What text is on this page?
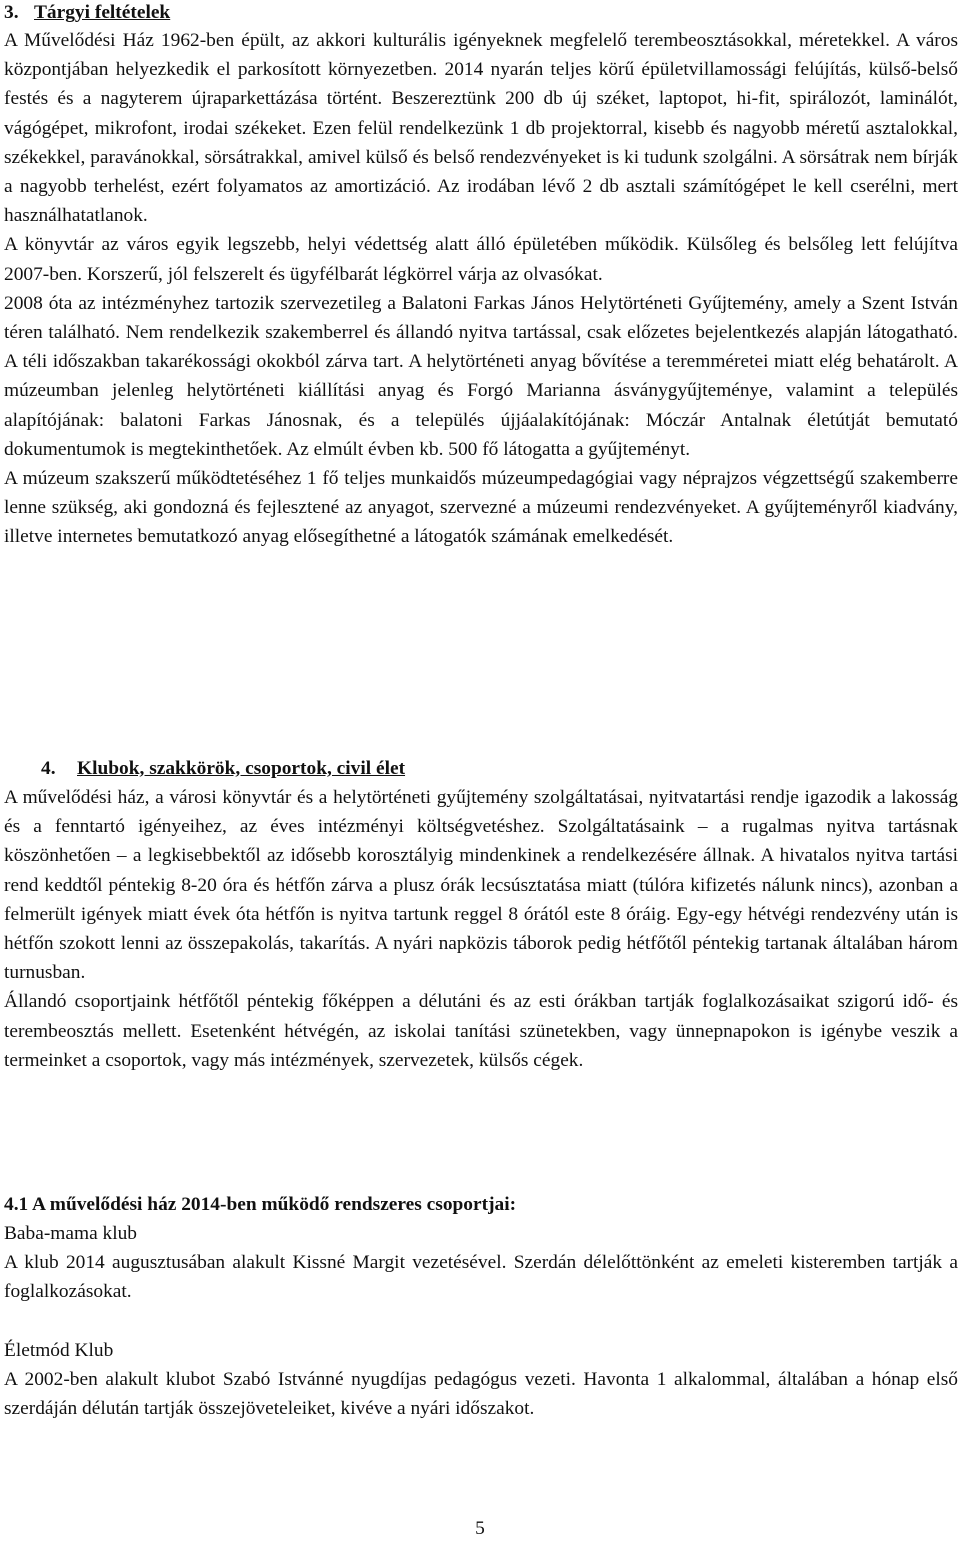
3. Tárgyi feltételek

A Művelődési Ház 1962-ben épült, az akkori kulturális igényeknek megfelelő terembeosztásokkal, méretekkel. A város központjában helyezkedik el parkosított környezetben. 2014 nyarán teljes körű épületvillamossági felújítás, külső-belső festés és a nagyterem újraparkettázása történt. Beszereztünk 200 db új széket, laptopot, hi-fit, spirálozót, laminálót, vágógépet, mikrofont, irodai székeket. Ezen felül rendelkezünk 1 db projektorral, kisebb és nagyobb méretű asztalokkal, székekkel, paravánokkal, sörsátrakkal, amivel külső és belső rendezvényeket is ki tudunk szolgálni. A sörsátrak nem bírják a nagyobb terhelést, ezért folyamatos az amortizáció. Az irodában lévő 2 db asztali számítógépet le kell cserélni, mert használhatatlanok.

A könyvtár az város egyik legszebb, helyi védettség alatt álló épületében működik. Külsőleg és belsőleg lett felújítva 2007-ben. Korszerű, jól felszerelt és ügyfélbarát légkörrel várja az olvasókat.

2008 óta az intézményhez tartozik szervezetileg a Balatoni Farkas János Helytörténeti Gyűjtemény, amely a Szent István téren található. Nem rendelkezik szakemberrel és állandó nyitva tartással, csak előzetes bejelentkezés alapján látogatható. A téli időszakban takarékossági okokból zárva tart. A helytörténeti anyag bővítése a teremméretei miatt elég behatárolt. A múzeumban jelenleg helytörténeti kiállítási anyag és Forgó Marianna ásványgyűjteménye, valamint a település alapítójának: balatoni Farkas Jánosnak, és a település újjáalakítójának: Móczár Antalnak életútját bemutató dokumentumok is megtekinthetőek. Az elmúlt évben kb. 500 fő látogatta a gyűjteményt.

A múzeum szakszerű működtetéséhez 1 fő teljes munkaidős múzeumpedagógiai vagy néprajzos végzettségű szakemberre lenne szükség, aki gondozná és fejlesztené az anyagot, szervezné a múzeumi rendezvényeket. A gyűjteményről kiadvány, illetve internetes bemutatkozó anyag elősegíthetné a látogatók számának emelkedését.

4. Klubok, szakkörök, csoportok, civil élet

A művelődési ház, a városi könyvtár és a helytörténeti gyűjtemény szolgáltatásai, nyitvatartási rendje igazodik a lakosság és a fenntartó igényeihez, az éves intézményi költségvetéshez. Szolgáltatásaink – a rugalmas nyitva tartásnak köszönhetően – a legkisebbektől az idősebb korosztályig mindenkinek a rendelkezésére állnak. A hivatalos nyitva tartási rend keddtől péntekig 8-20 óra és hétfőn zárva a plusz órák lecsúsztatása miatt (túlóra kifizetés nálunk nincs), azonban a felmerült igények miatt évek óta hétfőn is nyitva tartunk reggel 8 órától este 8 óráig. Egy-egy hétvégi rendezvény után is hétfőn szokott lenni az összepakolás, takarítás. A nyári napközis táborok pedig hétfőtől péntekig tartanak általában három turnusban.

Állandó csoportjaink hétfőtől péntekig főképpen a délutáni és az esti órákban tartják foglalkozásaikat szigorú idő- és terembeosztás mellett. Esetenként hétvégén, az iskolai tanítási szünetekben, vagy ünnepnapokon is igénybe veszik a termeinket a csoportok, vagy más intézmények, szervezetek, külsős cégek.

4.1 A művelődési ház 2014-ben működő rendszeres csoportjai:

Baba-mama klub

A klub 2014 augusztusában alakult Kissné Margit vezetésével. Szerdán délelőttönként az emeleti kisteremben tartják a foglalkozásokat.

Életmód Klub

A 2002-ben alakult klubot Szabó Istvánné nyugdíjas pedagógus vezeti. Havonta 1 alkalommal, általában a hónap első szerdáján délután tartják összejöveteleiket, kivéve a nyári időszakot.

5
